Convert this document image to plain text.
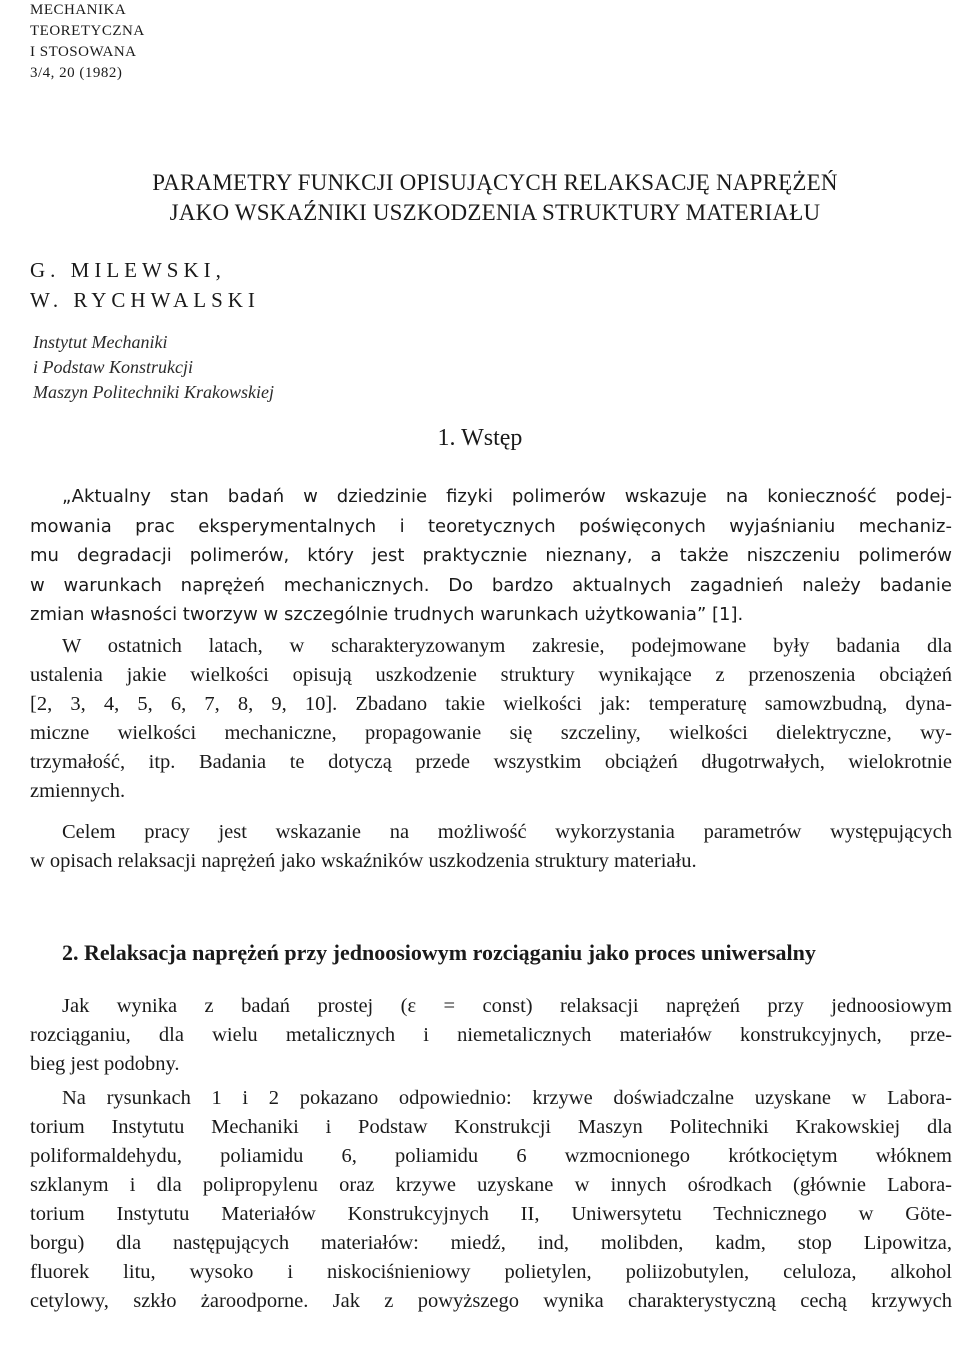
MECHANIKA
TEORETYCZNA
I STOSOWANA
3/4, 20 (1982)
PARAMETRY FUNKCJI OPISUJĄCYCH RELAKSACJĘ NAPRĘŻEŃ
JAKO WSKAŹNIKI USZKODZENIA STRUKTURY MATERIAŁU
G. MILEWSKI,
W. RYCHWALSKI
Instytut Mechaniki
i Podstaw Konstrukcji
Maszyn Politechniki Krakowskiej
1. Wstęp
„Aktualny stan badań w dziedzinie fizyki polimerów wskazuje na konieczność podej-
mowania prac eksperymentalnych i teoretycznych poświęconych wyjaśnianiu mechaniz-
mu degradacji polimerów, który jest praktycznie nieznany, a także niszczeniu polimerów
w warunkach naprężeń mechanicznych. Do bardzo aktualnych zagadnień należy badanie
zmian własności tworzyw w szczególnie trudnych warunkach użytkowania” [1].
W ostatnich latach, w scharakteryzowanym zakresie, podejmowane były badania dla
ustalenia jakie wielkości opisują uszkodzenie struktury wynikające z przenoszenia obciążeń
[2, 3, 4, 5, 6, 7, 8, 9, 10]. Zbadano takie wielkości jak: temperaturę samowzbudną, dyna-
miczne wielkości mechaniczne, propagowanie się szczeliny, wielkości dielektryczne, wy-
trzymałość, itp. Badania te dotyczą przede wszystkim obciążeń długotrwałych, wielokrotnie
zmiennych.
Celem pracy jest wskazanie na możliwość wykorzystania parametrów występujących
w opisach relaksacji naprężeń jako wskaźników uszkodzenia struktury materiału.
2. Relaksacja naprężeń przy jednoosiowym rozciąganiu jako proces uniwersalny
Jak wynika z badań prostej (ε = const) relaksacji naprężeń przy jednoosiowym
rozciąganiu, dla wielu metalicznych i niemetalicznych materiałów konstrukcyjnych, prze-
bieg jest podobny.
Na rysunkach 1 i 2 pokazano odpowiednio: krzywe doświadczalne uzyskane w Labora-
torium Instytutu Mechaniki i Podstaw Konstrukcji Maszyn Politechniki Krakowskiej dla
poliformaldehydu, poliamidu 6, poliamidu 6 wzmocnionego krótkociętym włóknem
szklanym i dla polipropylenu oraz krzywe uzyskane w innych ośrodkach (głównie Labora-
torium Instytutu Materiałów Konstrukcyjnych II, Uniwersytetu Technicznego w Göte-
borgu) dla następujących materiałów: miedź, ind, molibden, kadm, stop Lipowitza,
fluorek litu, wysoko i niskociśnieniowy polietylen, poliizobutylen, celuloza, alkohol
cetylowy, szkło żaroodporne. Jak z powyższego wynika charakterystyczną cechą krzywych
